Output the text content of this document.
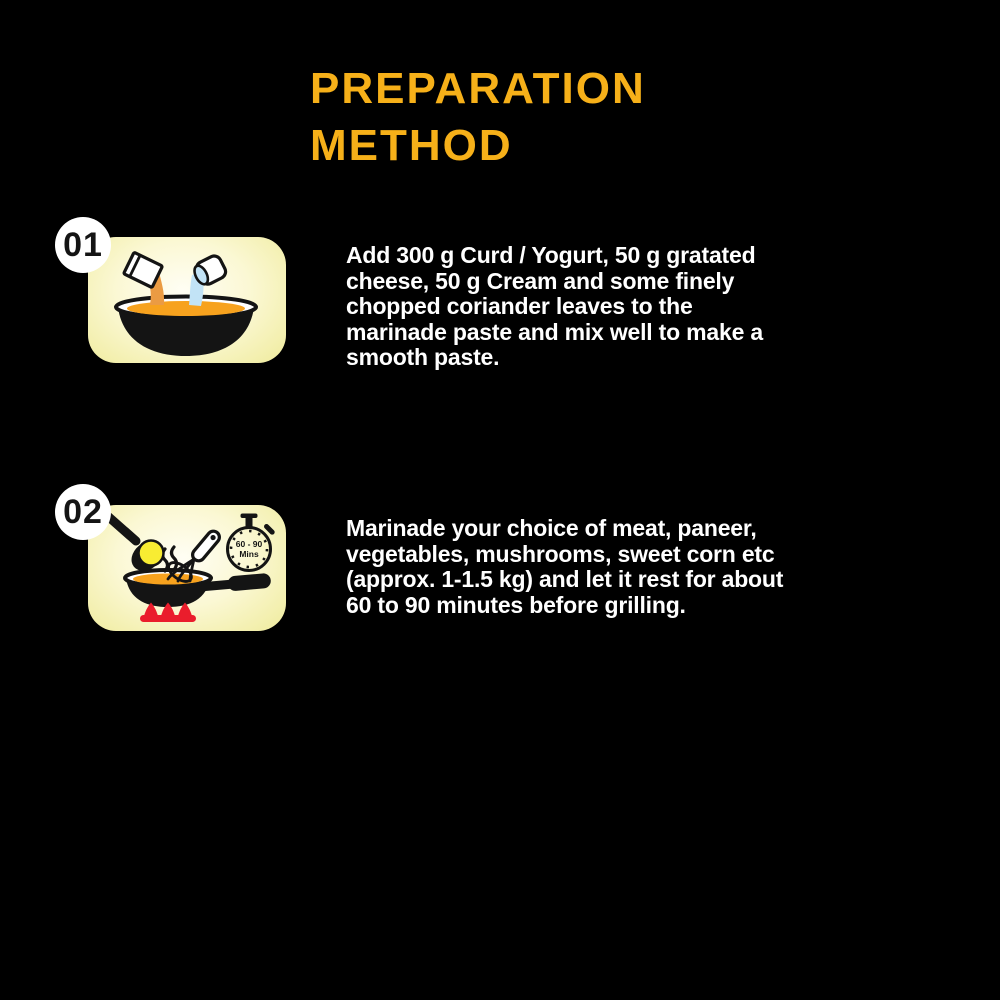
PREPARATION
METHOD
01	Add 300 g Curd / Yogurt, 50 g gratated
cheese, 50 g Cream and some finely
chopped coriander leaves to the
marinade paste and mix well to make a
smooth paste.
02
60 - 90
Mins
Marinade your choice of meat, paneer,
vegetables, mushrooms, sweet corn etc
(approx. 1-1.5 kg) and let it rest for about
60 to 90 minutes before grilling.
